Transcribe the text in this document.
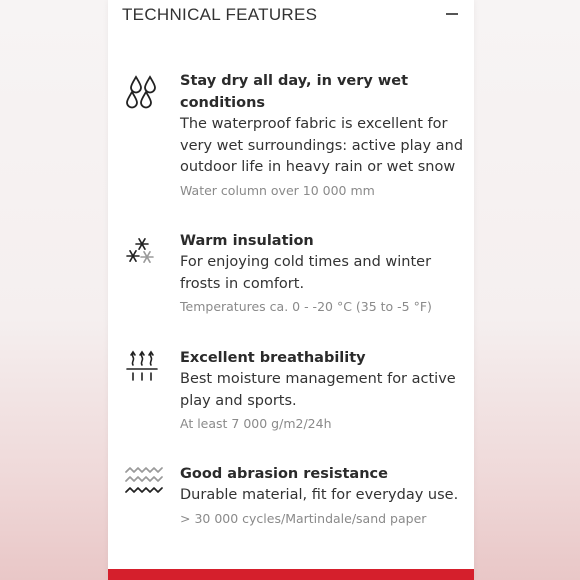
TECHNICAL FEATURES
Stay dry all day, in very wet conditions
The waterproof fabric is excellent for very wet surroundings: active play and outdoor life in heavy rain or wet snow
Water column over 10 000 mm
Warm insulation
For enjoying cold times and winter frosts in comfort.
Temperatures ca. 0 - -20 °C (35 to -5 °F)
Excellent breathability
Best moisture management for active play and sports.
At least 7 000 g/m2/24h
Good abrasion resistance
Durable material, fit for everyday use.
> 30 000 cycles/Martindale/sand paper
